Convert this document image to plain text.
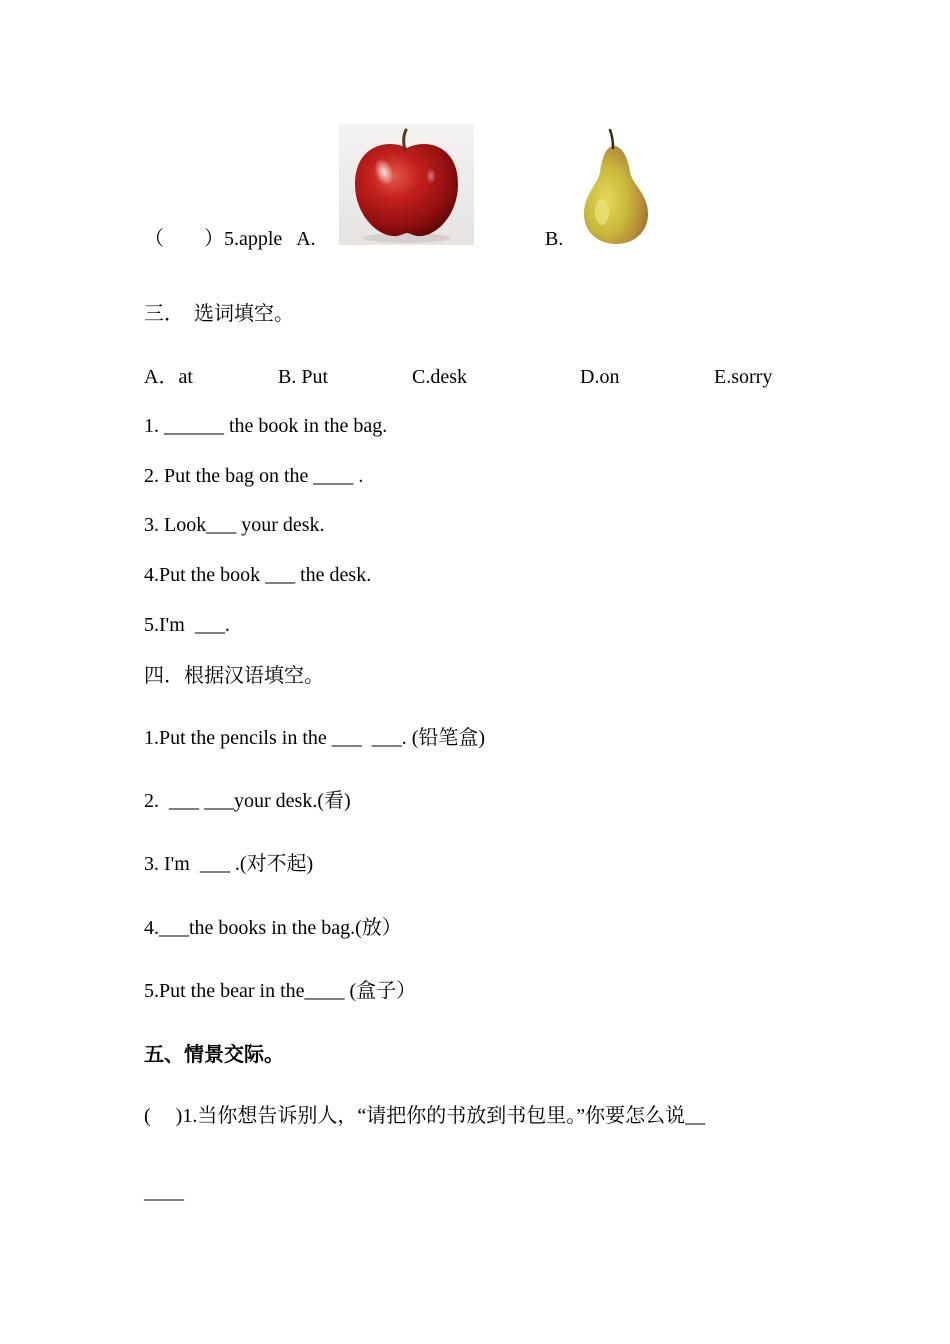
（　　）5.apple   A.	B.
三．  选词填空。
A．at	B. Put	C.desk	D.on	E.sorry
1. ______ the book in the bag.
2. Put the bag on the ____ .
3. Look___ your desk.
4.Put the book ___ the desk.
5.I'm  ___.
四．根据汉语填空。
1.Put the pencils in the ___  ___. (铅笔盒)
2.  ___ ___your desk.(看)
3. I'm  ___ .(对不起)
4.___the books in the bag.(放）
5.Put the bear in the____ (盒子）
五、情景交际。
(     )1.当你想告诉别人，“请把你的书放到书包里。”你要怎么说__
____
